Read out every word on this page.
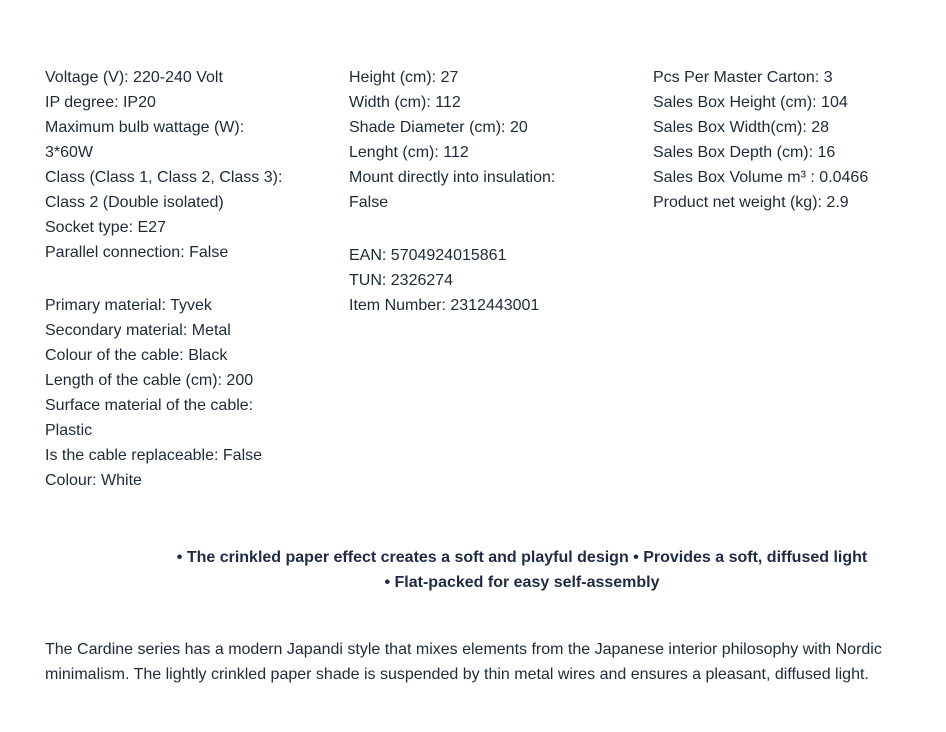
Voltage (V): 220-240 Volt
IP degree: IP20
Maximum bulb wattage (W):
3*60W
Class (Class 1, Class 2, Class 3):
Class 2 (Double isolated)
Socket type: E27
Parallel connection: False
Primary material: Tyvek
Secondary material: Metal
Colour of the cable: Black
Length of the cable (cm): 200
Surface material of the cable:
Plastic
Is the cable replaceable: False
Colour: White
Height (cm): 27
Width (cm): 112
Shade Diameter (cm): 20
Lenght (cm): 112
Mount directly into insulation:
False
EAN: 5704924015861
TUN: 2326274
Item Number: 2312443001
Pcs Per Master Carton: 3
Sales Box Height (cm): 104
Sales Box Width(cm): 28
Sales Box Depth (cm): 16
Sales Box Volume m³ : 0.0466
Product net weight (kg): 2.9
• The crinkled paper effect creates a soft and playful design • Provides a soft, diffused light
• Flat-packed for easy self-assembly
The Cardine series has a modern Japandi style that mixes elements from the Japanese interior philosophy with Nordic
minimalism. The lightly crinkled paper shade is suspended by thin metal wires and ensures a pleasant, diffused light.
